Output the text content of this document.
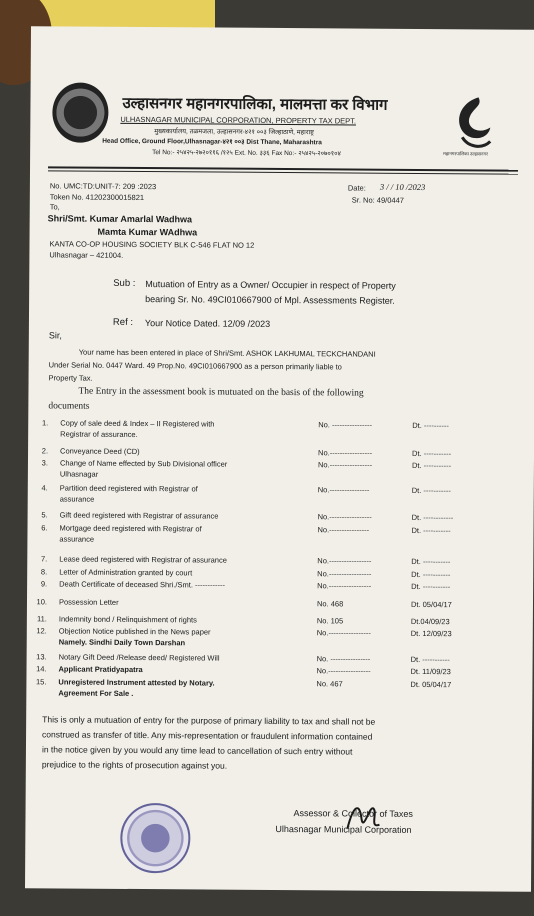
महानगरपालिका उल्हासनगर
उल्हासनगर महानगरपालिका, मालमत्ता कर विभाग
ULHASNAGAR MUNICIPAL CORPORATION, PROPERTY TAX DEPT.
मुख्यकार्यालय, तळमजला, उल्हासनगर-४२१ ००३ जिल्हाठाणे, महाराष्ट्र
Head Office, Ground Floor,Ulhasnagar-४२१ ००३ Dist Thane, Maharashtra
Tel No:- २५४२५-२७२०११६ /१२५ Ext. No. ३३६ Fax No:- २५४२५-२०७०१०४
No. UMC:TD:UNIT-7: 209 :2023
Token No. 41202300015821
Date: 3 / / 10 /2023
Sr. No: 49/0447
To,
Shri/Smt. Kumar Amarlal Wadhwa
Mamta Kumar WAdhwa
KANTA CO-OP HOUSING SOCIETY BLK C-546 FLAT NO 12
Ulhasnagar – 421004.
Sub : Mutuation of Entry as a Owner/ Occupier in respect of Property
bearing Sr. No. 49CI010667900 of Mpl. Assessments Register.
Ref : Your Notice Dated. 12/09 /2023
Sir,
Your name has been entered in place of Shri/Smt. ASHOK LAKHUMAL TECKCHANDANI
Under Serial No. 0447 Ward. 49 Prop.No. 49CI010667900 as a person primarily liable to
Property Tax.
The Entry in the assessment book is mutuated on the basis of the following
documents
1. Copy of sale deed & Index – II Registered with
Registrar of assurance.
No. ----------------	Dt. ----------
2. Conveyance Deed (CD)	No.-----------------	Dt. -----------
3. Change of Name effected by Sub Divisional officer
Ulhasnagar
No.-----------------	Dt. -----------
4. Partition deed registered with Registrar of
assurance
No.----------------	Dt. -----------
5. Gift deed registered with Registrar of assurance	No.-----------------	Dt. ------------
6. Mortgage deed registered with Registrar of
assurance
No.----------------	Dt. -----------
7. Lease deed registered with Registrar of assurance	No.-----------------	Dt. -----------
8. Letter of Administration granted by court	No.-----------------	Dt. -----------
9. Death Certificate of deceased Shri./Smt. ------------	No.-----------------	Dt. -----------
10. Possession Letter	No. 468	Dt. 05/04/17
11. Indemnity bond / Relinquishment of rights	No. 105	Dt.04/09/23
12. Objection Notice published in the News paper
Namely. Sindhi Daily Town Darshan
No.-----------------	Dt. 12/09/23
13. Notary Gift Deed /Release deed/ Registered Will	No. ----------------	Dt. -----------
14. Applicant Pratidyapatra	No.-----------------	Dt. 11/09/23
15. Unregistered Instrument attested by Notary.
Agreement For Sale .
No. 467	Dt. 05/04/17
This is only a mutuation of entry for the purpose of primary liability to tax and shall not be
construed as transfer of title. Any mis-representation or fraudulent information contained
in the notice given by you would any time lead to cancellation of such entry without
prejudice to the rights of prosecution against you.
Assessor & Collector of Taxes
Ulhasnagar Municipal Corporation
